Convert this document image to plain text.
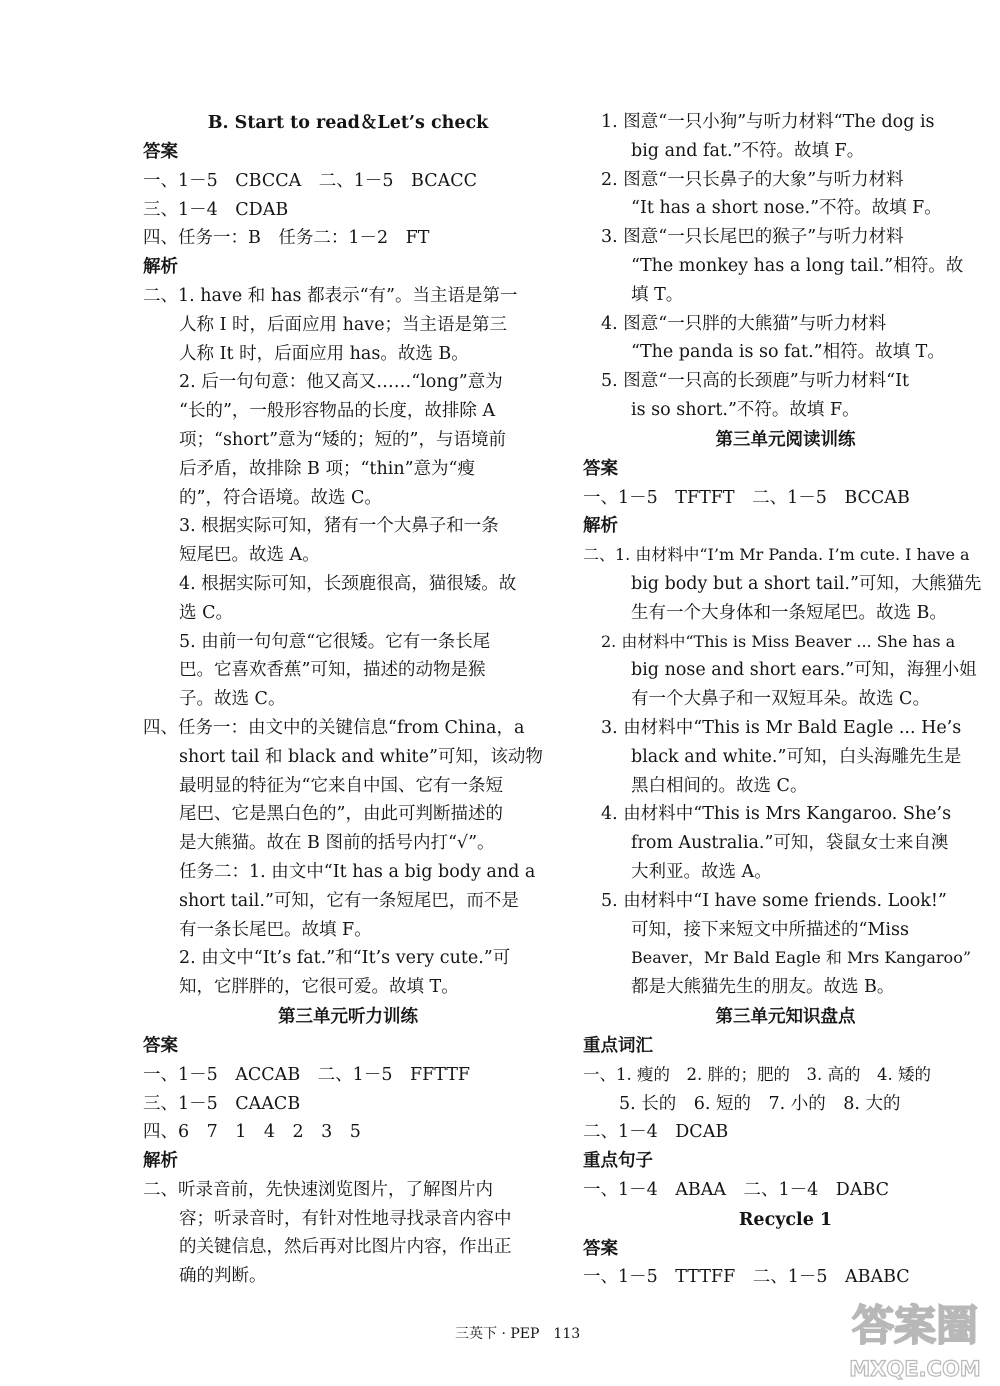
B. Start to read＆Let’s check

答案

一、1－5　CBCCA　二、1－5　BCACC

三、1－4　CDAB

四、任务一：B　任务二：1－2　FT

解析

二、1. have 和 has 都表示“有”。当主语是第一

人称 I 时，后面应用 have；当主语是第三

人称 It 时，后面应用 has。故选 B。

2. 后一句句意：他又高又……“long”意为

“长的”，一般形容物品的长度，故排除 A

项；“short”意为“矮的；短的”，与语境前

后矛盾，故排除 B 项；“thin”意为“瘦

的”，符合语境。故选 C。

3. 根据实际可知，猪有一个大鼻子和一条

短尾巴。故选 A。

4. 根据实际可知，长颈鹿很高，猫很矮。故

选 C。

5. 由前一句句意“它很矮。它有一条长尾

巴。它喜欢香蕉”可知，描述的动物是猴

子。故选 C。

四、任务一：由文中的关键信息“from China，a

short tail 和 black and white”可知，该动物

最明显的特征为“它来自中国、它有一条短

尾巴、它是黑白色的”，由此可判断描述的

是大熊猫。故在 B 图前的括号内打“√”。

任务二：1. 由文中“It has a big body and a

short tail.”可知，它有一条短尾巴，而不是

有一条长尾巴。故填 F。

2. 由文中“It’s fat.”和“It’s very cute.”可

知，它胖胖的，它很可爱。故填 T。

第三单元听力训练

答案

一、1－5　ACCAB　二、1－5　FFTTF

三、1－5　CAACB

四、6　7　1　4　2　3　5

解析

二、听录音前，先快速浏览图片，了解图片内

容；听录音时，有针对性地寻找录音内容中

的关键信息，然后再对比图片内容，作出正

确的判断。

1. 图意“一只小狗”与听力材料“The dog is

big and fat.”不符。故填 F。

2. 图意“一只长鼻子的大象”与听力材料

“It has a short nose.”不符。故填 F。

3. 图意“一只长尾巴的猴子”与听力材料

“The monkey has a long tail.”相符。故

填 T。

4. 图意“一只胖的大熊猫”与听力材料

“The panda is so fat.”相符。故填 T。

5. 图意“一只高的长颈鹿”与听力材料“It

is so short.”不符。故填 F。

第三单元阅读训练

答案

一、1－5　TFTFT　二、1－5　BCCAB

解析

二、1. 由材料中“I’m Mr Panda. I’m cute. I have a

big body but a short tail.”可知，大熊猫先

生有一个大身体和一条短尾巴。故选 B。

2. 由材料中“This is Miss Beaver ... She has a

big nose and short ears.”可知，海狸小姐

有一个大鼻子和一双短耳朵。故选 C。

3. 由材料中“This is Mr Bald Eagle ... He’s

black and white.”可知，白头海雕先生是

黑白相间的。故选 C。

4. 由材料中“This is Mrs Kangaroo. She’s

from Australia.”可知，袋鼠女士来自澳

大利亚。故选 A。

5. 由材料中“I have some friends. Look!”

可知，接下来短文中所描述的“Miss

Beaver，Mr Bald Eagle 和 Mrs Kangaroo”

都是大熊猫先生的朋友。故选 B。

第三单元知识盘点

重点词汇

一、1. 瘦的　2. 胖的；肥的　3. 高的　4. 矮的

5. 长的　6. 短的　7. 小的　8. 大的

二、1－4　DCAB

重点句子

一、1－4　ABAA　二、1－4　DABC

Recycle 1

答案

一、1－5　TTTFF　二、1－5　ABABC

三英下 · PEP　113	答案圈
MXQE.COM
